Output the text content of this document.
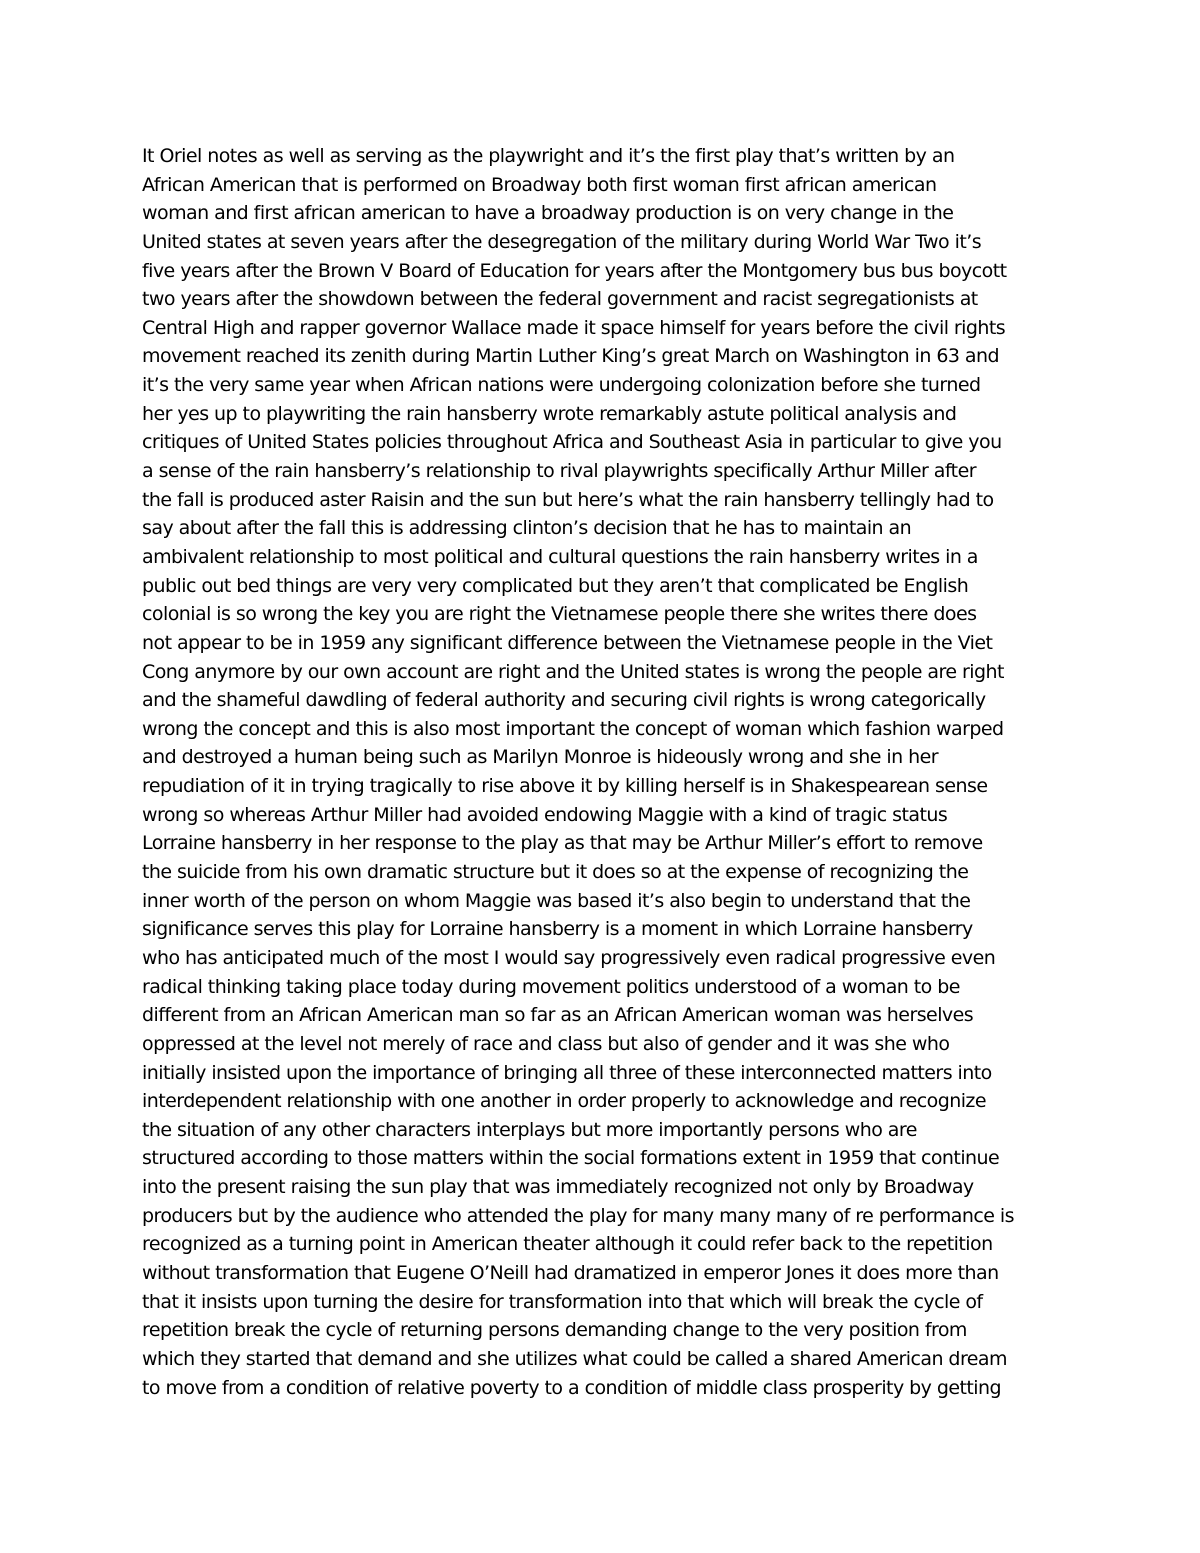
It Oriel notes as well as serving as the playwright and it’s the first play that’s written by an
African American that is performed on Broadway both first woman first african american
woman and first african american to have a broadway production is on very change in the
United states at seven years after the desegregation of the military during World War Two it’s
five years after the Brown V Board of Education for years after the Montgomery bus bus boycott
two years after the showdown between the federal government and racist segregationists at
Central High and rapper governor Wallace made it space himself for years before the civil rights
movement reached its zenith during Martin Luther King’s great March on Washington in 63 and
it’s the very same year when African nations were undergoing colonization before she turned
her yes up to playwriting the rain hansberry wrote remarkably astute political analysis and
critiques of United States policies throughout Africa and Southeast Asia in particular to give you
a sense of the rain hansberry’s relationship to rival playwrights specifically Arthur Miller after
the fall is produced aster Raisin and the sun but here’s what the rain hansberry tellingly had to
say about after the fall this is addressing clinton’s decision that he has to maintain an
ambivalent relationship to most political and cultural questions the rain hansberry writes in a
public out bed things are very very complicated but they aren’t that complicated be English
colonial is so wrong the key you are right the Vietnamese people there she writes there does
not appear to be in 1959 any significant difference between the Vietnamese people in the Viet
Cong anymore by our own account are right and the United states is wrong the people are right
and the shameful dawdling of federal authority and securing civil rights is wrong categorically
wrong the concept and this is also most important the concept of woman which fashion warped
and destroyed a human being such as Marilyn Monroe is hideously wrong and she in her
repudiation of it in trying tragically to rise above it by killing herself is in Shakespearean sense
wrong so whereas Arthur Miller had avoided endowing Maggie with a kind of tragic status
Lorraine hansberry in her response to the play as that may be Arthur Miller’s effort to remove
the suicide from his own dramatic structure but it does so at the expense of recognizing the
inner worth of the person on whom Maggie was based it’s also begin to understand that the
significance serves this play for Lorraine hansberry is a moment in which Lorraine hansberry
who has anticipated much of the most I would say progressively even radical progressive even
radical thinking taking place today during movement politics understood of a woman to be
different from an African American man so far as an African American woman was herselves
oppressed at the level not merely of race and class but also of gender and it was she who
initially insisted upon the importance of bringing all three of these interconnected matters into
interdependent relationship with one another in order properly to acknowledge and recognize
the situation of any other characters interplays but more importantly persons who are
structured according to those matters within the social formations extent in 1959 that continue
into the present raising the sun play that was immediately recognized not only by Broadway
producers but by the audience who attended the play for many many many of re performance is
recognized as a turning point in American theater although it could refer back to the repetition
without transformation that Eugene O’Neill had dramatized in emperor Jones it does more than
that it insists upon turning the desire for transformation into that which will break the cycle of
repetition break the cycle of returning persons demanding change to the very position from
which they started that demand and she utilizes what could be called a shared American dream
to move from a condition of relative poverty to a condition of middle class prosperity by getting
